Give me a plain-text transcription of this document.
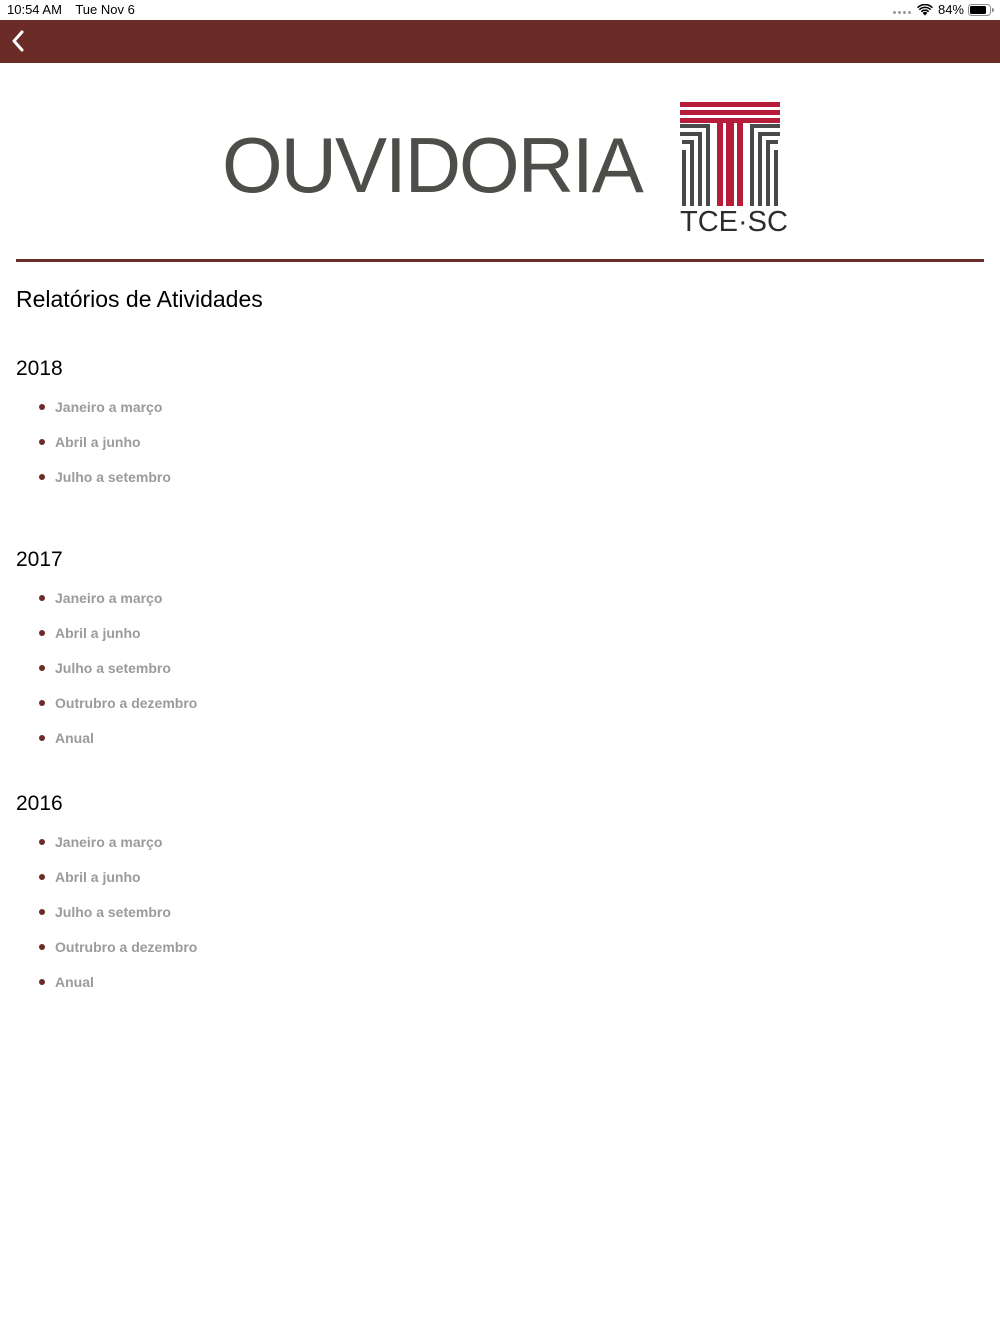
10:54 AM Tue Nov 6	84%
OUVIDORIA
TCE·SC
Relatórios de Atividades
2018
Janeiro a março
Abril a junho
Julho a setembro
2017
Janeiro a março
Abril a junho
Julho a setembro
Outrubro a dezembro
Anual
2016
Janeiro a março
Abril a junho
Julho a setembro
Outrubro a dezembro
Anual
